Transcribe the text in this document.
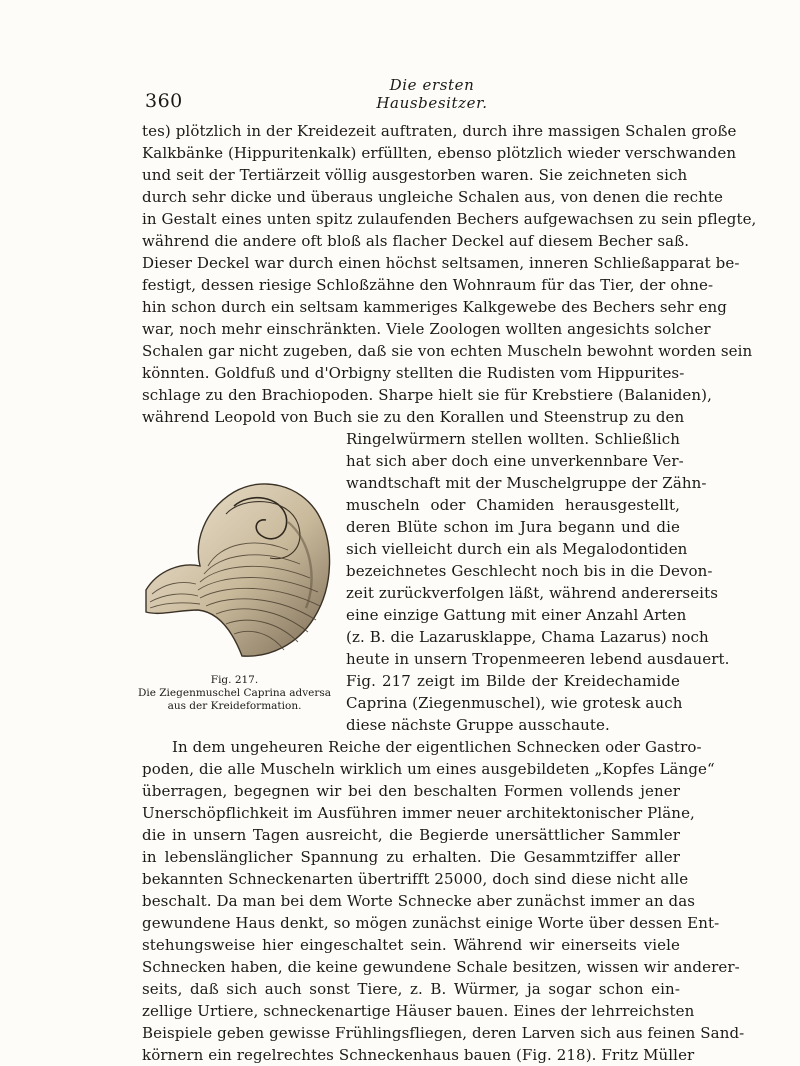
Die ersten Hausbesitzer.
360
tes) plötzlich in der Kreidezeit auftraten, durch ihre massigen Schalen große
Kalkbänke (Hippuritenkalk) erfüllten, ebenso plötzlich wieder verschwanden
und seit der Tertiärzeit völlig ausgestorben waren. Sie zeichneten sich
durch sehr dicke und überaus ungleiche Schalen aus, von denen die rechte
in Gestalt eines unten spitz zulaufenden Bechers aufgewachsen zu sein pflegte,
während die andere oft bloß als flacher Deckel auf diesem Becher saß.
Dieser Deckel war durch einen höchst seltsamen, inneren Schließapparat be-
festigt, dessen riesige Schloßzähne den Wohnraum für das Tier, der ohne-
hin schon durch ein seltsam kammeriges Kalkgewebe des Bechers sehr eng
war, noch mehr einschränkten. Viele Zoologen wollten angesichts solcher
Schalen gar nicht zugeben, daß sie von echten Muscheln bewohnt worden sein
könnten. Goldfuß und d'Orbigny stellten die Rudisten vom Hippurites-
schlage zu den Brachiopoden. Sharpe hielt sie für Krebstiere (Balaniden),
während Leopold von Buch sie zu den Korallen und Steenstrup zu den
Fig. 217.
Die Ziegenmuschel Caprina adversa
aus der Kreideformation.
Ringelwürmern stellen wollten. Schließlich
hat sich aber doch eine unverkennbare Ver-
wandtschaft mit der Muschelgruppe der Zähn-
muscheln oder Chamiden herausgestellt,
deren Blüte schon im Jura begann und die
sich vielleicht durch ein als Megalodontiden
bezeichnetes Geschlecht noch bis in die Devon-
zeit zurückverfolgen läßt, während andererseits
eine einzige Gattung mit einer Anzahl Arten
(z. B. die Lazarusklappe, Chama Lazarus) noch
heute in unsern Tropenmeeren lebend ausdauert.
Fig. 217 zeigt im Bilde der Kreidechamide
Caprina (Ziegenmuschel), wie grotesk auch
diese nächste Gruppe ausschaute.
In dem ungeheuren Reiche der eigentlichen Schnecken oder Gastro-
poden, die alle Muscheln wirklich um eines ausgebildeten „Kopfes Länge“
überragen, begegnen wir bei den beschalten Formen vollends jener
Unerschöpflichkeit im Ausführen immer neuer architektonischer Pläne,
die in unsern Tagen ausreicht, die Begierde unersättlicher Sammler
in lebenslänglicher Spannung zu erhalten. Die Gesammtziffer aller
bekannten Schneckenarten übertrifft 25000, doch sind diese nicht alle
beschalt. Da man bei dem Worte Schnecke aber zunächst immer an das
gewundene Haus denkt, so mögen zunächst einige Worte über dessen Ent-
stehungsweise hier eingeschaltet sein. Während wir einerseits viele
Schnecken haben, die keine gewundene Schale besitzen, wissen wir anderer-
seits, daß sich auch sonst Tiere, z. B. Würmer, ja sogar schon ein-
zellige Urtiere, schneckenartige Häuser bauen. Eines der lehrreichsten
Beispiele geben gewisse Frühlingsfliegen, deren Larven sich aus feinen Sand-
körnern ein regelrechtes Schneckenhaus bauen (Fig. 218). Fritz Müller
